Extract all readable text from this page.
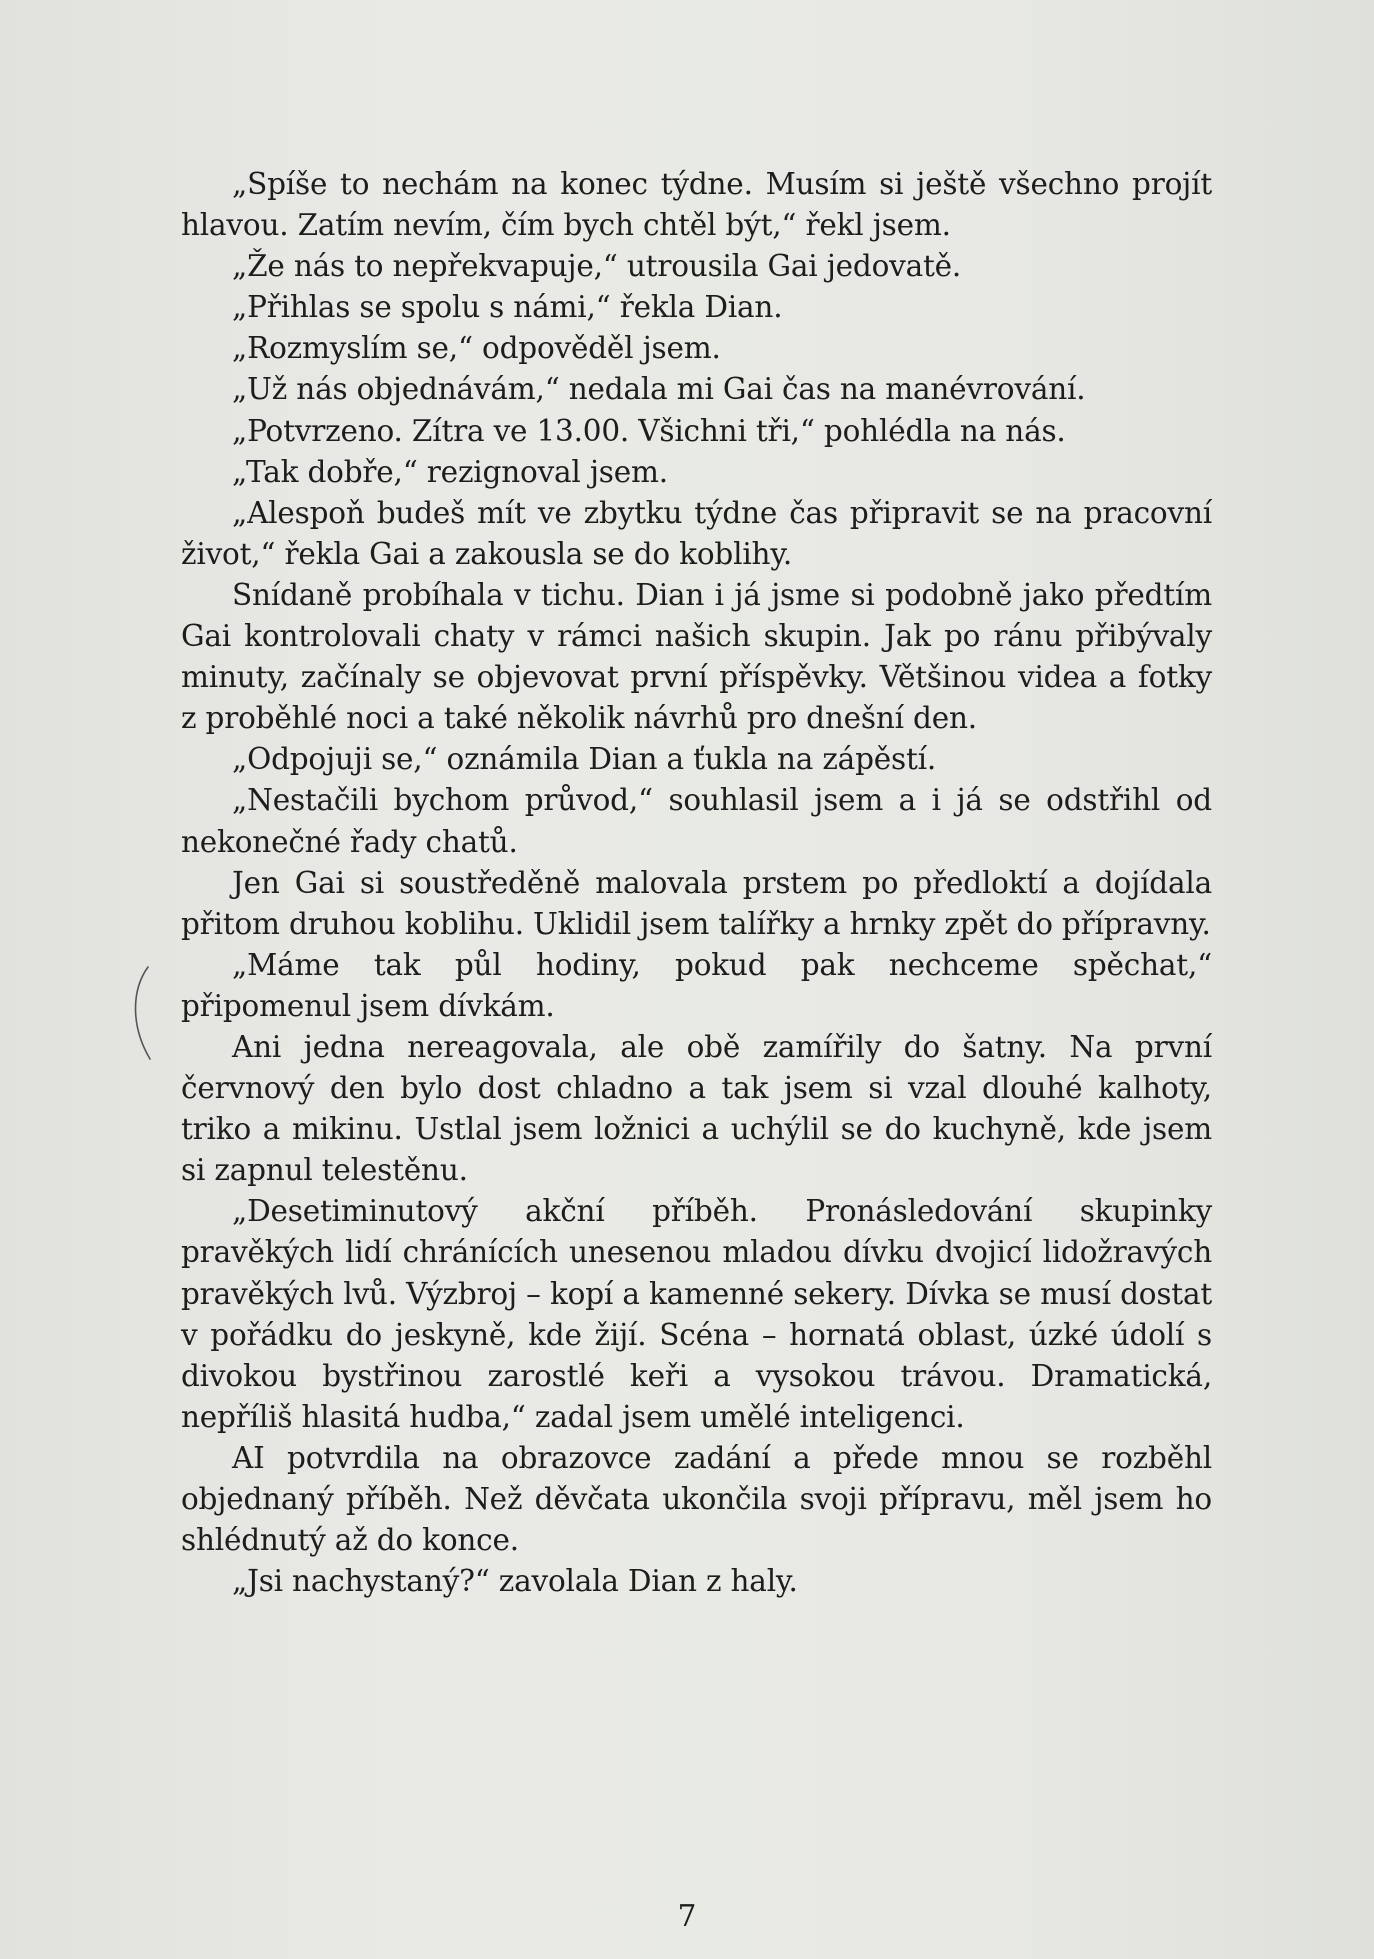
„Spíše to nechám na konec týdne. Musím si ještě všechno projít hlavou. Zatím nevím, čím bych chtěl být,“ řekl jsem.

„Že nás to nepřekvapuje,“ utrousila Gai jedovatě.

„Přihlas se spolu s námi,“ řekla Dian.

„Rozmyslím se,“ odpověděl jsem.

„Už nás objednávám,“ nedala mi Gai čas na manévrování.

„Potvrzeno. Zítra ve 13.00. Všichni tři,“ pohlédla na nás.

„Tak dobře,“ rezignoval jsem.

„Alespoň budeš mít ve zbytku týdne čas připravit se na pracovní život,“ řekla Gai a zakousla se do koblihy.

Snídaně probíhala v tichu. Dian i já jsme si podobně jako předtím Gai kontrolovali chaty v rámci našich skupin. Jak po ránu přibývaly minuty, začínaly se objevovat první příspěvky. Většinou videa a fotky z proběhlé noci a také několik návrhů pro dnešní den.

„Odpojuji se,“ oznámila Dian a ťukla na zápěstí.

„Nestačili bychom průvod,“ souhlasil jsem a i já se odstřihl od nekonečné řady chatů.

Jen Gai si soustředěně malovala prstem po předloktí a dojídala přitom druhou koblihu. Uklidil jsem talířky a hrnky zpět do přípravny.

„Máme tak půl hodiny, pokud pak nechceme spěchat,“ připomenul jsem dívkám.

Ani jedna nereagovala, ale obě zamířily do šatny. Na první červnový den bylo dost chladno a tak jsem si vzal dlouhé kalhoty, triko a mikinu. Ustlal jsem ložnici a uchýlil se do kuchyně, kde jsem si zapnul telestěnu.

„Desetiminutový akční příběh. Pronásledování skupinky pravěkých lidí chránících unesenou mladou dívku dvojicí lidožravých pravěkých lvů. Výzbroj – kopí a kamenné sekery. Dívka se musí dostat v pořádku do jeskyně, kde žijí. Scéna – hornatá oblast, úzké údolí s divokou bystřinou zarostlé keři a vysokou trávou. Dramatická, nepříliš hlasitá hudba,“ zadal jsem umělé inteligenci.

AI potvrdila na obrazovce zadání a přede mnou se rozběhl objednaný příběh. Než děvčata ukončila svoji přípravu, měl jsem ho shlédnutý až do konce.

„Jsi nachystaný?“ zavolala Dian z haly.

7
